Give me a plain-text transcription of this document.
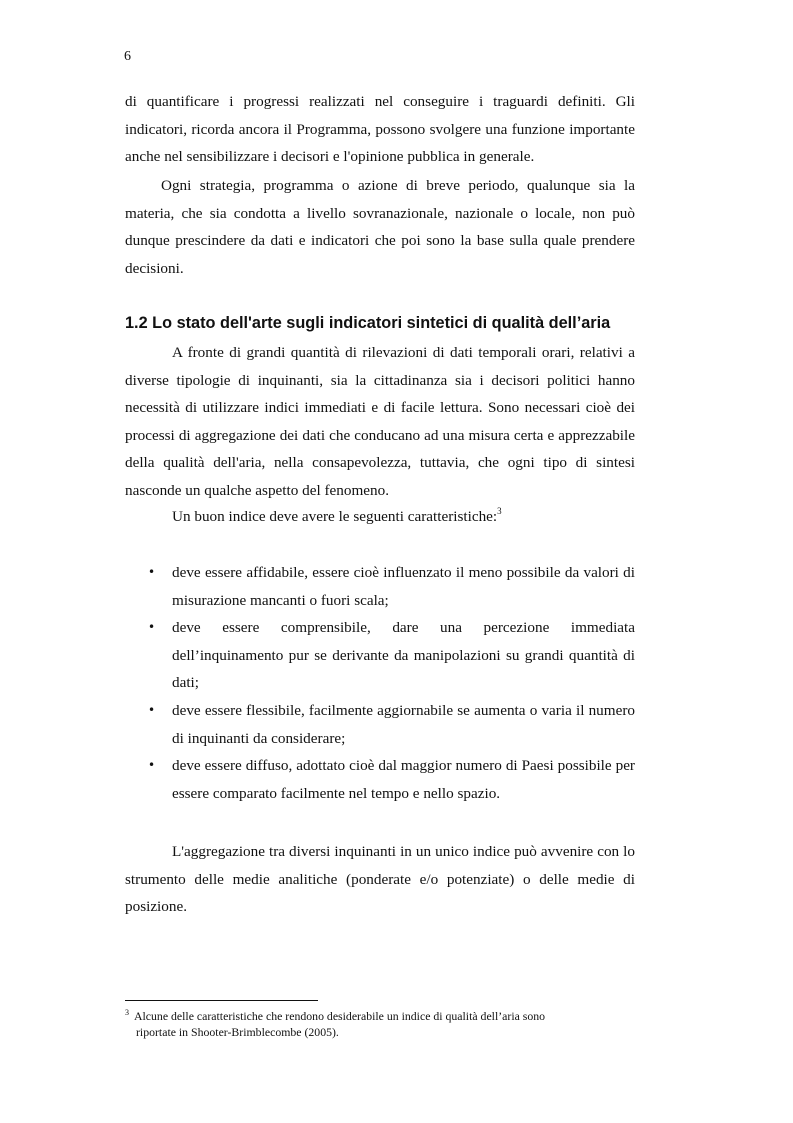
6

di quantificare i progressi realizzati nel conseguire i traguardi definiti. Gli indicatori, ricorda ancora il Programma, possono svolgere una funzione importante anche nel sensibilizzare i decisori e l'opinione pubblica in generale.

Ogni strategia, programma o azione di breve periodo, qualunque sia la materia, che sia condotta a livello sovranazionale, nazionale o locale, non può dunque prescindere da dati e indicatori che poi sono la base sulla quale prendere decisioni.

1.2 Lo stato dell'arte sugli indicatori sintetici di qualità dell’aria

A fronte di grandi quantità di rilevazioni di dati temporali orari, relativi a diverse tipologie di inquinanti, sia la cittadinanza sia i decisori politici hanno necessità di utilizzare indici immediati e di facile lettura. Sono necessari cioè dei processi di aggregazione dei dati che conducano ad una misura certa e apprezzabile della qualità dell'aria, nella consapevolezza, tuttavia, che ogni tipo di sintesi nasconde un qualche aspetto del fenomeno.

Un buon indice deve avere le seguenti caratteristiche:$^3$

• deve essere affidabile, essere cioè influenzato il meno possibile da valori di misurazione mancanti o fuori scala;
• deve essere comprensibile, dare una percezione immediata dell’inquinamento pur se derivante da manipolazioni su grandi quantità di dati;
• deve essere flessibile, facilmente aggiornabile se aumenta o varia il numero di inquinanti da considerare;
• deve essere diffuso, adottato cioè dal maggior numero di Paesi possibile per essere comparato facilmente nel tempo e nello spazio.

L'aggregazione tra diversi inquinanti in un unico indice può avvenire con lo strumento delle medie analitiche (ponderate e/o potenziate) o delle medie di posizione.

$^3$ Alcune delle caratteristiche che rendono desiderabile un indice di qualità dell’aria sono
riportate in Shooter-Brimblecombe (2005).
